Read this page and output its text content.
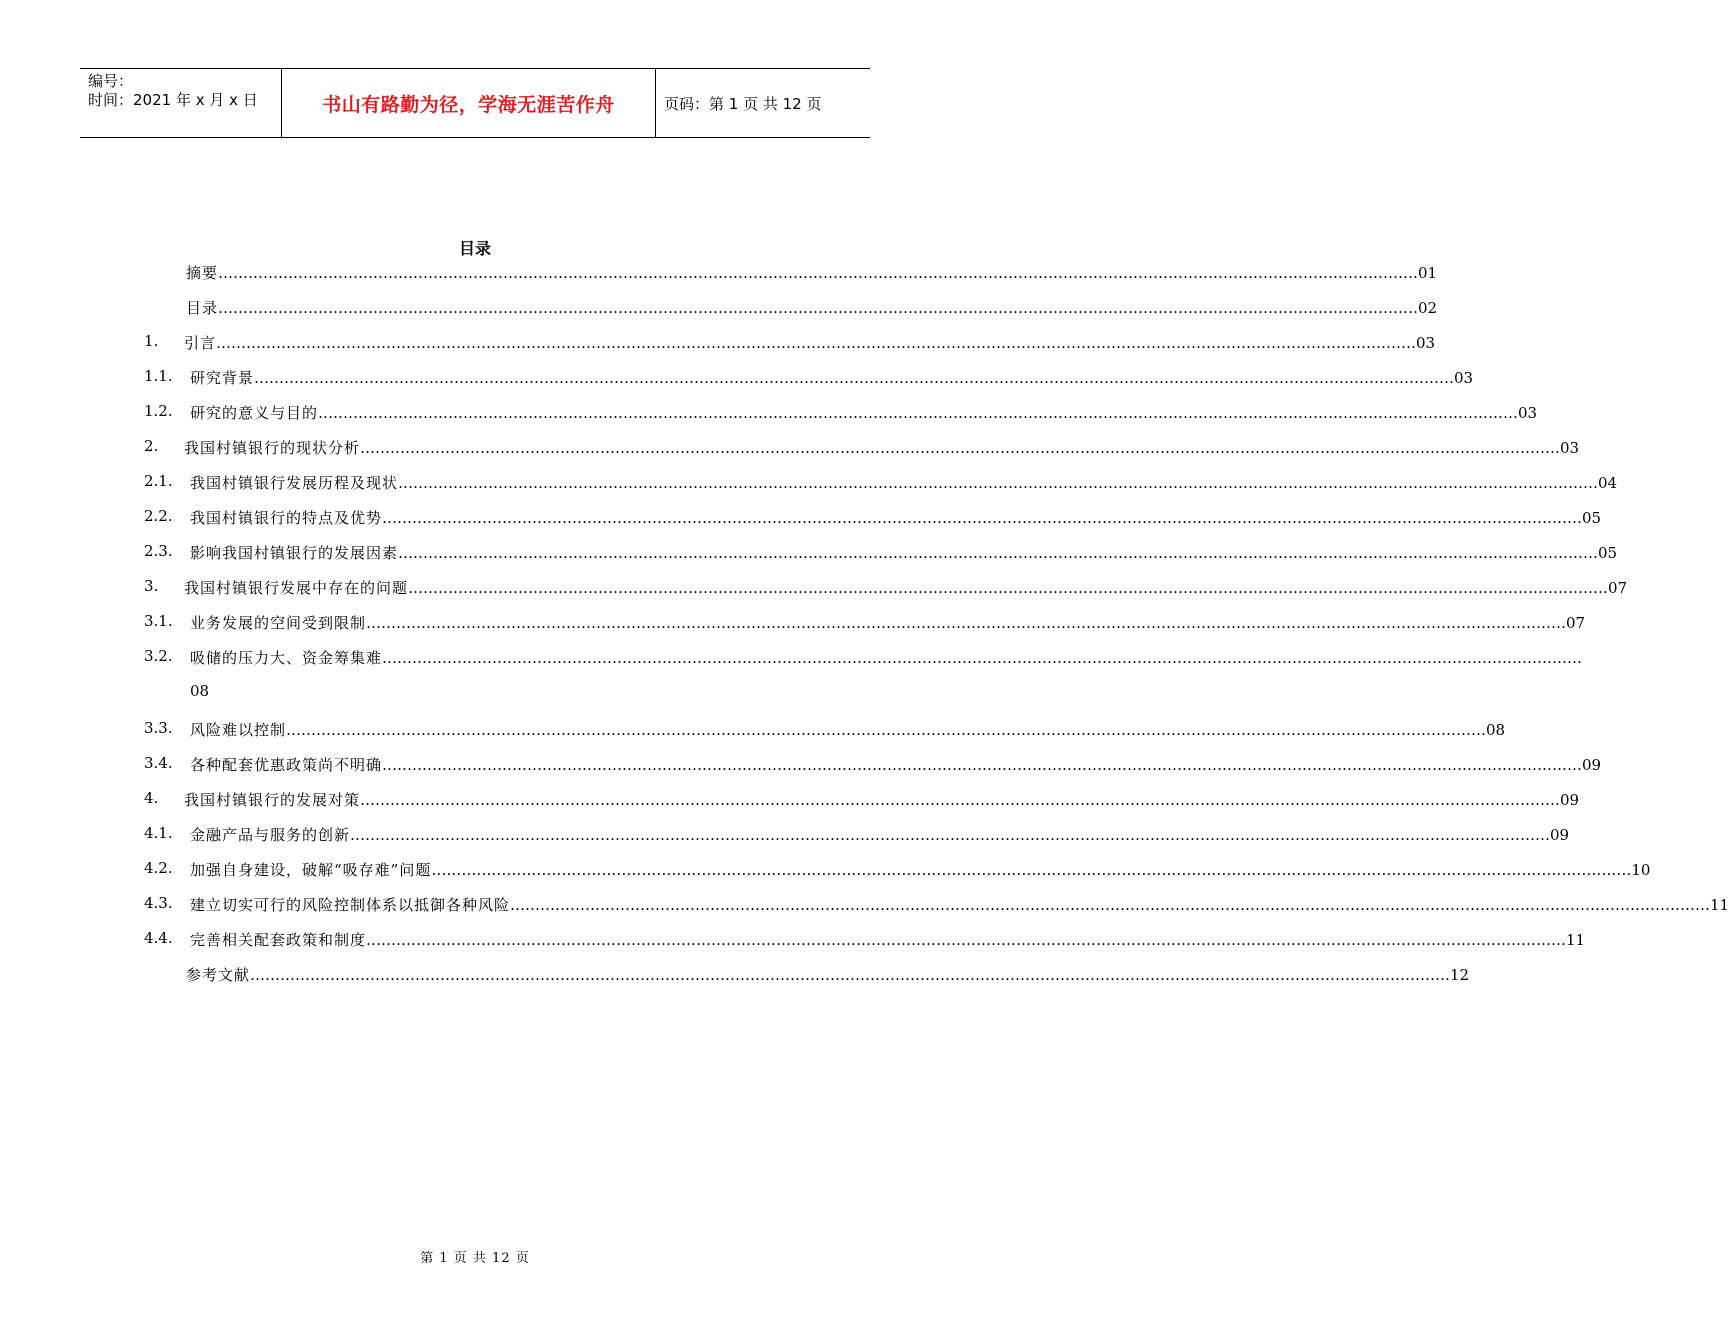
编号：
时间：2021 年 x 月 x 日	书山有路勤为径，学海无涯苦作舟	页码：第 1 页 共 12 页
目录
摘要 …………………………………………………………………………………………………………………………………………………………………………………………………………………… 01
目录 …………………………………………………………………………………………………………………………………………………………………………………………………………………… 02
1. 引言 …………………………………………………………………………………………………………………………………………………………………………………………………………………… 03
1.1. 研究背景 …………………………………………………………………………………………………………………………………………………………………………………………………………………… 03
1.2. 研究的意义与目的 …………………………………………………………………………………………………………………………………………………………………………………………………………………… 03
2. 我国村镇银行的现状分析 …………………………………………………………………………………………………………………………………………………………………………………………………………………… 03
2.1. 我国村镇银行发展历程及现状 …………………………………………………………………………………………………………………………………………………………………………………………………………………… 04
2.2. 我国村镇银行的特点及优势 …………………………………………………………………………………………………………………………………………………………………………………………………………………… 05
2.3. 影响我国村镇银行的发展因素 …………………………………………………………………………………………………………………………………………………………………………………………………………………… 05
3. 我国村镇银行发展中存在的问题 …………………………………………………………………………………………………………………………………………………………………………………………………………………… 07
3.1. 业务发展的空间受到限制 …………………………………………………………………………………………………………………………………………………………………………………………………………………… 07
08
3.2. 吸储的压力大、资金筹集难 ……………………………………………………………………………………………………………………………………………………………………………………………………………………
3.3. 风险难以控制 …………………………………………………………………………………………………………………………………………………………………………………………………………………… 08
3.4. 各种配套优惠政策尚不明确 …………………………………………………………………………………………………………………………………………………………………………………………………………………… 09
4. 我国村镇银行的发展对策 …………………………………………………………………………………………………………………………………………………………………………………………………………………… 09
4.1. 金融产品与服务的创新 …………………………………………………………………………………………………………………………………………………………………………………………………………………… 09
4.2. 加强自身建设，破解“吸存难”问题 …………………………………………………………………………………………………………………………………………………………………………………………………………………… 10
4.3. 建立切实可行的风险控制体系以抵御各种风险 …………………………………………………………………………………………………………………………………………………………………………………………………………………… 11
4.4. 完善相关配套政策和制度 …………………………………………………………………………………………………………………………………………………………………………………………………………………… 11
参考文献 …………………………………………………………………………………………………………………………………………………………………………………………………………………… 12
第 1 页 共 12 页
